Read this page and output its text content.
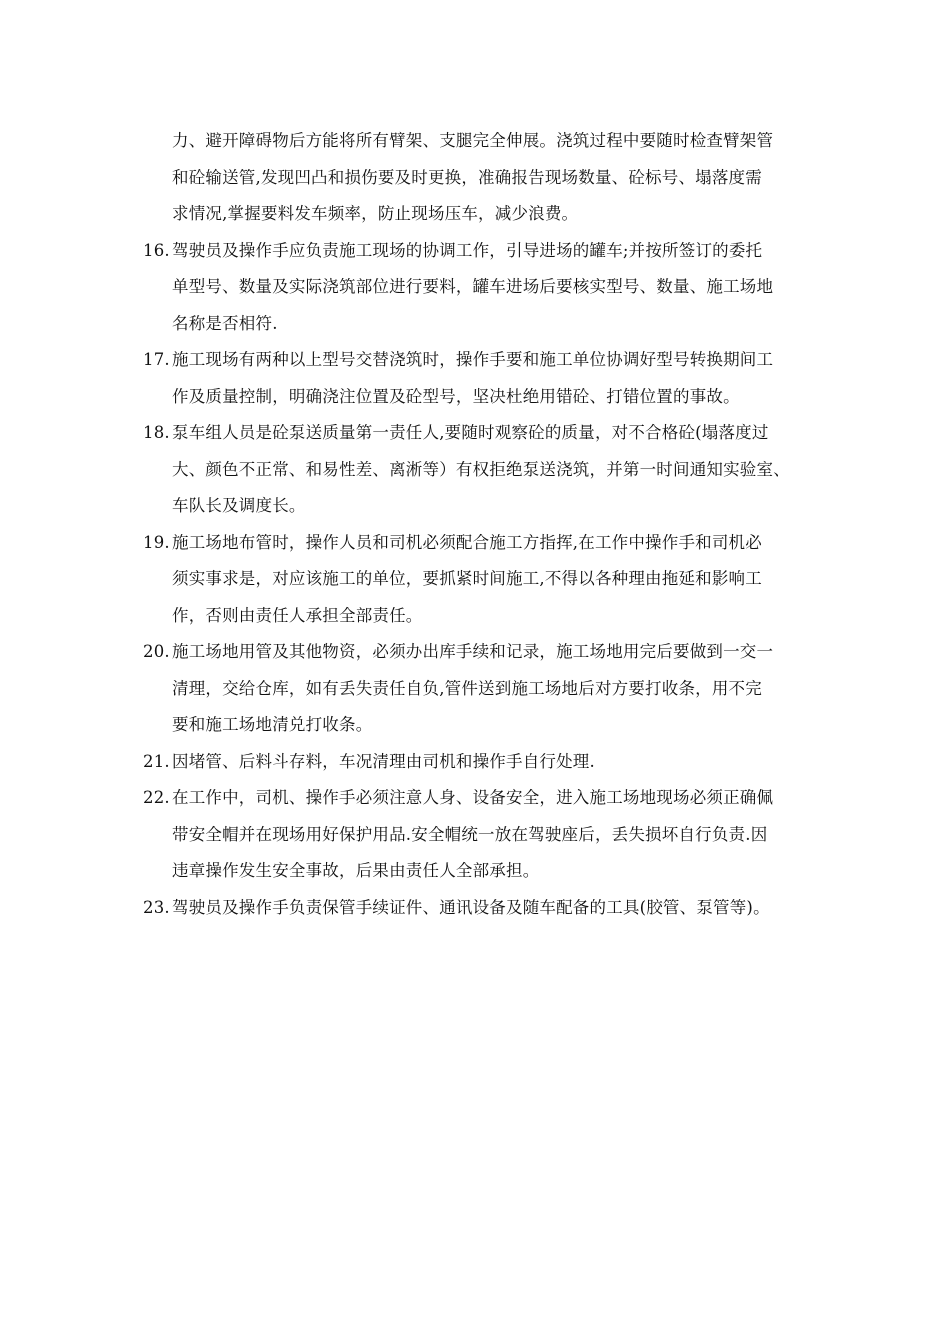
力、避开障碍物后方能将所有臂架、支腿完全伸展。浇筑过程中要随时检查臂架管
和砼输送管,发现凹凸和损伤要及时更换，准确报告现场数量、砼标号、塌落度需
求情况,掌握要料发车频率，防止现场压车，减少浪费。
16. 驾驶员及操作手应负责施工现场的协调工作，引导进场的罐车;并按所签订的委托
单型号、数量及实际浇筑部位进行要料，罐车进场后要核实型号、数量、施工场地
名称是否相符.
17. 施工现场有两种以上型号交替浇筑时，操作手要和施工单位协调好型号转换期间工
作及质量控制，明确浇注位置及砼型号，坚决杜绝用错砼、打错位置的事故。
18. 泵车组人员是砼泵送质量第一责任人,要随时观察砼的质量，对不合格砼(塌落度过
大、颜色不正常、和易性差、离淅等）有权拒绝泵送浇筑，并第一时间通知实验室、
车队长及调度长。
19. 施工场地布管时，操作人员和司机必须配合施工方指挥,在工作中操作手和司机必
须实事求是，对应该施工的单位，要抓紧时间施工,不得以各种理由拖延和影响工
作，否则由责任人承担全部责任。
20. 施工场地用管及其他物资，必须办出库手续和记录，施工场地用完后要做到一交一
清理，交给仓库，如有丢失责任自负,管件送到施工场地后对方要打收条，用不完
要和施工场地清兑打收条。
21. 因堵管、后料斗存料，车况清理由司机和操作手自行处理.
22. 在工作中，司机、操作手必须注意人身、设备安全，进入施工场地现场必须正确佩
带安全帽并在现场用好保护用品.安全帽统一放在驾驶座后，丢失损坏自行负责.因
违章操作发生安全事故，后果由责任人全部承担。
23. 驾驶员及操作手负责保管手续证件、通讯设备及随车配备的工具(胶管、泵管等)。
